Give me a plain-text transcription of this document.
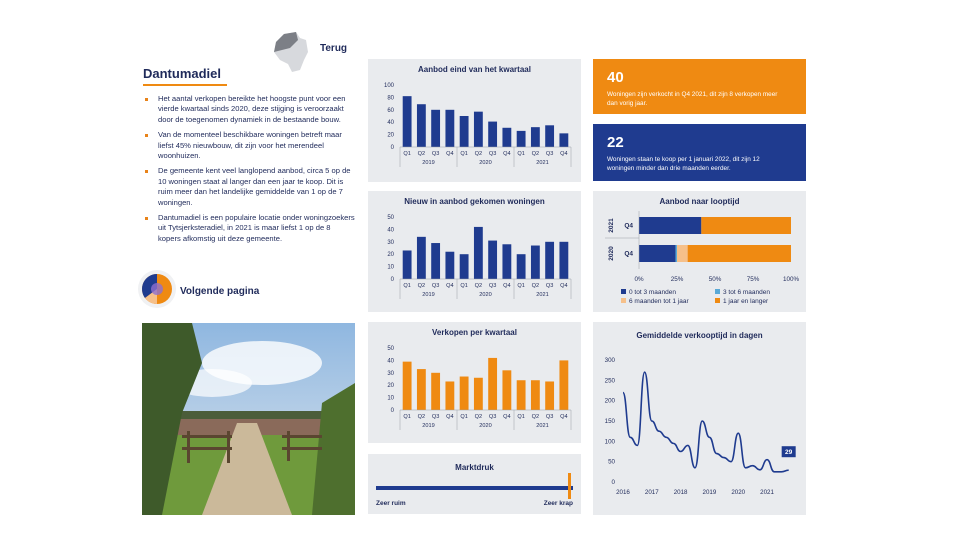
Terug
Dantumadiel
Het aantal verkopen bereikte het hoogste punt voor een vierde kwartaal sinds 2020, deze stijging is veroorzaakt door de toegenomen dynamiek in de bestaande bouw.
Van de momenteel beschikbare woningen betreft maar liefst 45% nieuwbouw, dit zijn voor het merendeel woonhuizen.
De gemeente kent veel langlopend aanbod, circa 5 op de 10 woningen staat al langer dan een jaar te koop. Dit is ruim meer dan het landelijke gemiddelde van 1 op de 7 woningen.
Dantumadiel is een populaire locatie onder woningzoekers uit Tytsjerksteradiel, in 2021 is maar liefst 1 op de 8 kopers afkomstig uit deze gemeente.
Volgende pagina
Aanbod eind van het kwartaal
0
20
40
60
80
100
Q1 Q2 Q3 Q4 Q1 Q2 Q3 Q4 Q1 Q2 Q3 Q4
2019	2020	2021
Nieuw in aanbod gekomen woningen
0
10
20
30
40
50
Q1 Q2 Q3 Q4 Q1 Q2 Q3 Q4 Q1 Q2 Q3 Q4
2019	2020	2021
Verkopen per kwartaal
0
10
20
30
40
50
Q1 Q2 Q3 Q4 Q1 Q2 Q3 Q4 Q1 Q2 Q3 Q4
2019	2020	2021
Marktdruk
Zeer ruim	Zeer krap
40
Woningen zijn verkocht in Q4 2021, dit zijn 8 verkopen meer dan vorig jaar.
22
Woningen staan te koop per 1 januari 2022, dit zijn 12 woningen minder dan drie maanden eerder.
Aanbod naar looptijd
Q4
2021
Q4
2020
0%	25%	50%	75%	100%
0 tot 3 maanden	3 tot 6 maanden
6 maanden tot 1 jaar	1 jaar en langer
Gemiddelde verkooptijd in dagen
0
50
100
150
200
250
300
2016 2017 2018 2019 2020 2021
29
